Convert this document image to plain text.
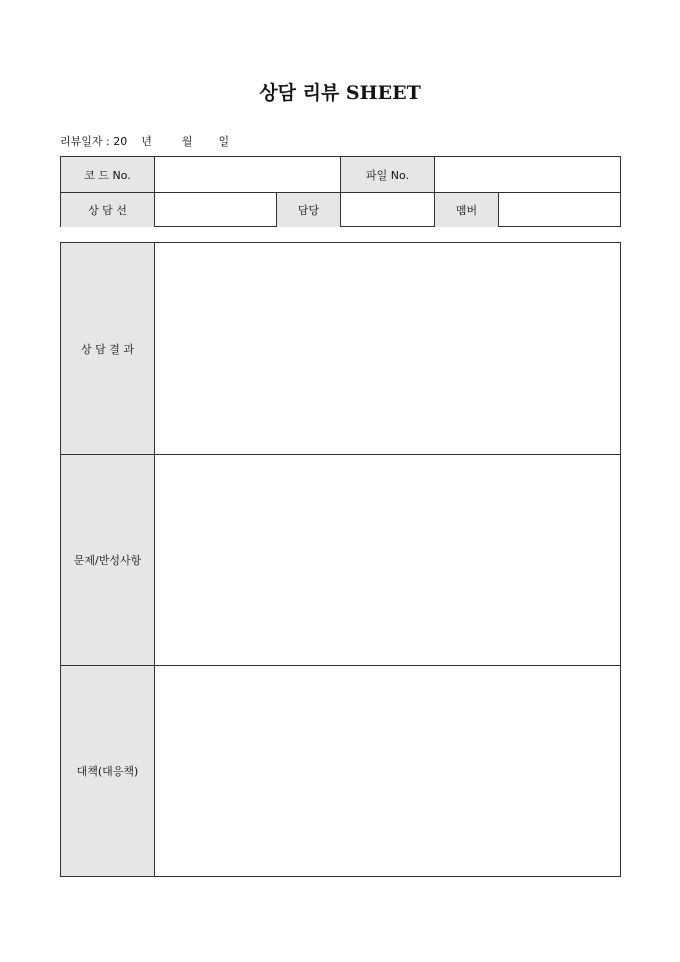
상담 리뷰 SHEET
리뷰일자 : 20 년	월 일
코 드 No.	파일 No.
상 담 선	담당	멤버
상 담 결 과
문제/반성사항
대책(대응책)
